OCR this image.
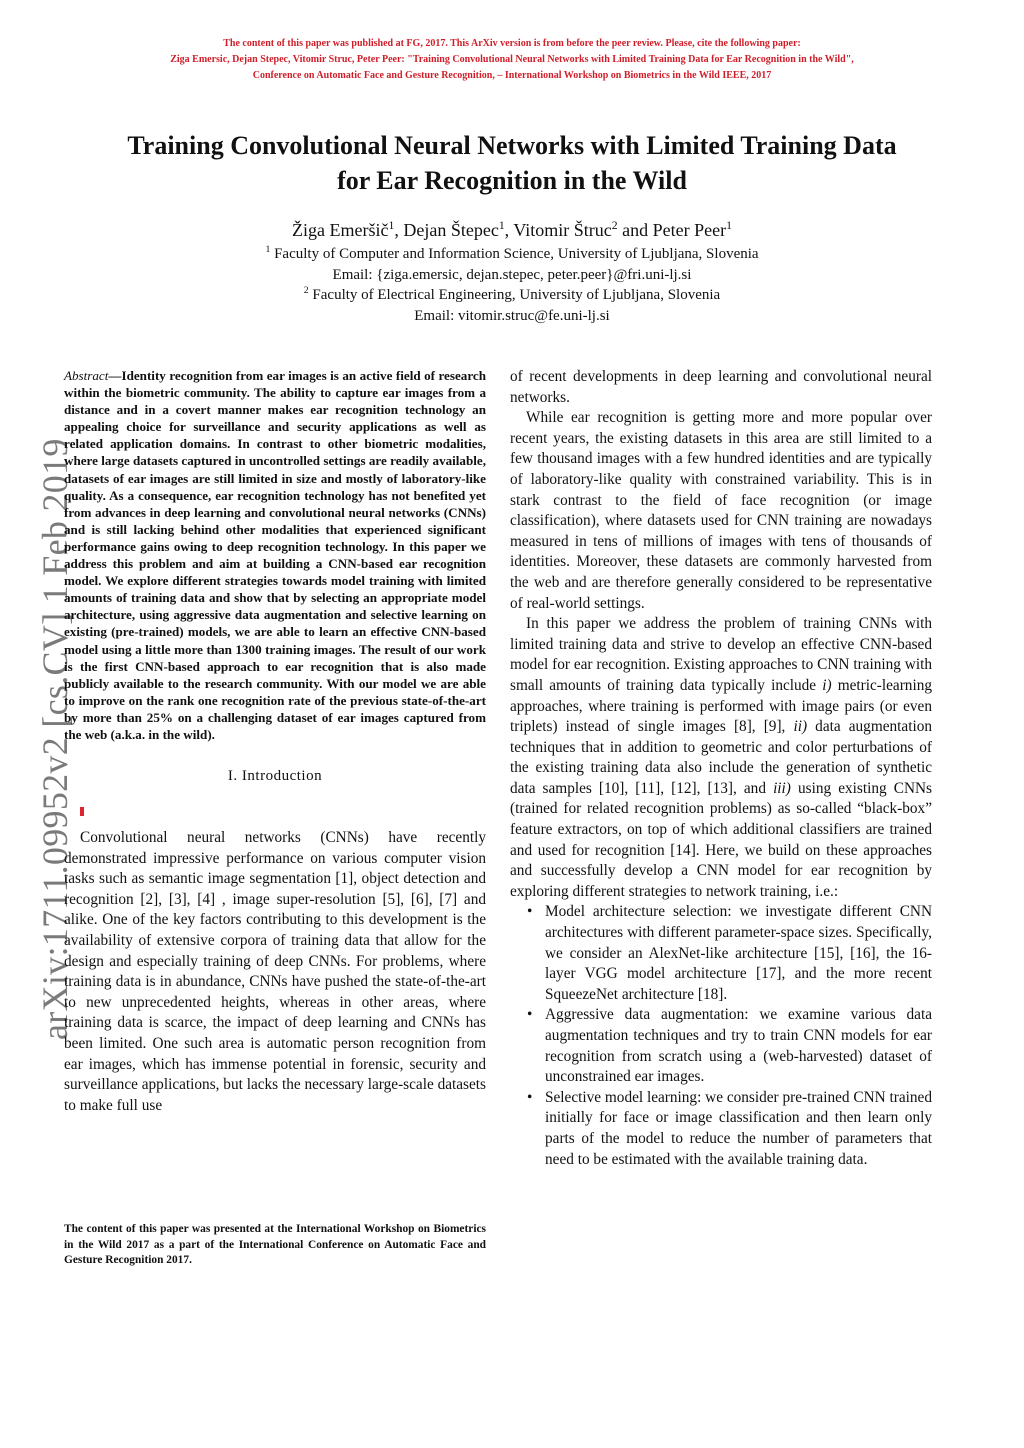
The content of this paper was published at FG, 2017. This ArXiv version is from before the peer review. Please, cite the following paper:
Ziga Emersic, Dejan Stepec, Vitomir Struc, Peter Peer: "Training Convolutional Neural Networks with Limited Training Data for Ear Recognition in the Wild",
Conference on Automatic Face and Gesture Recognition, – International Workshop on Biometrics in the Wild IEEE, 2017
Training Convolutional Neural Networks with Limited Training Data
for Ear Recognition in the Wild
Žiga Emeršič$^1$, Dejan Štepec$^1$, Vitomir Štruc$^2$ and Peter Peer$^1$
$^1$ Faculty of Computer and Information Science, University of Ljubljana, Slovenia
Email: {ziga.emersic, dejan.stepec, peter.peer}@fri.uni-lj.si
$^2$ Faculty of Electrical Engineering, University of Ljubljana, Slovenia
Email: vitomir.struc@fe.uni-lj.si
arXiv:1711.09952v2 [cs.CV] 1 Feb 2019

Abstract—Identity recognition from ear images is an active field of research within the biometric community. The ability to capture ear images from a distance and in a covert manner makes ear recognition technology an appealing choice for surveillance and security applications as well as related application domains. In contrast to other biometric modalities, where large datasets captured in uncontrolled settings are readily available, datasets of ear images are still limited in size and mostly of laboratory-like quality. As a consequence, ear recognition technology has not benefited yet from advances in deep learning and convolutional neural networks (CNNs) and is still lacking behind other modalities that experienced significant performance gains owing to deep recognition technology. In this paper we address this problem and aim at building a CNN-based ear recognition model. We explore different strategies towards model training with limited amounts of training data and show that by selecting an appropriate model architecture, using aggressive data augmentation and selective learning on existing (pre-trained) models, we are able to learn an effective CNN-based model using a little more than 1300 training images. The result of our work is the first CNN-based approach to ear recognition that is also made publicly available to the research community. With our model we are able to improve on the rank one recognition rate of the previous state-of-the-art by more than 25% on a challenging dataset of ear images captured from the web (a.k.a. in the wild).

I. Introduction

Convolutional neural networks (CNNs) have recently demonstrated impressive performance on various computer vision tasks such as semantic image segmentation [1], object detection and recognition [2], [3], [4] , image super-resolution [5], [6], [7] and alike. One of the key factors contributing to this development is the availability of extensive corpora of training data that allow for the design and especially training of deep CNNs. For problems, where training data is in abundance, CNNs have pushed the state-of-the-art to new unprecedented heights, whereas in other areas, where training data is scarce, the impact of deep learning and CNNs has been limited. One such area is automatic person recognition from ear images, which has immense potential in forensic, security and surveillance applications, but lacks the necessary large-scale datasets to make full use

The content of this paper was presented at the International Workshop on Biometrics in the Wild 2017 as a part of the International Conference on Automatic Face and Gesture Recognition 2017.

of recent developments in deep learning and convolutional neural networks.

While ear recognition is getting more and more popular over recent years, the existing datasets in this area are still limited to a few thousand images with a few hundred identities and are typically of laboratory-like quality with constrained variability. This is in stark contrast to the field of face recognition (or image classification), where datasets used for CNN training are nowadays measured in tens of millions of images with tens of thousands of identities. Moreover, these datasets are commonly harvested from the web and are therefore generally considered to be representative of real-world settings.

In this paper we address the problem of training CNNs with limited training data and strive to develop an effective CNN-based model for ear recognition. Existing approaches to CNN training with small amounts of training data typically include i) metric-learning approaches, where training is performed with image pairs (or even triplets) instead of single images [8], [9], ii) data augmentation techniques that in addition to geometric and color perturbations of the existing training data also include the generation of synthetic data samples [10], [11], [12], [13], and iii) using existing CNNs (trained for related recognition problems) as so-called “black-box” feature extractors, on top of which additional classifiers are trained and used for recognition [14]. Here, we build on these approaches and successfully develop a CNN model for ear recognition by exploring different strategies to network training, i.e.:

• Model architecture selection: we investigate different CNN architectures with different parameter-space sizes. Specifically, we consider an AlexNet-like architecture [15], [16], the 16-layer VGG model architecture [17], and the more recent SqueezeNet architecture [18].
• Aggressive data augmentation: we examine various data augmentation techniques and try to train CNN models for ear recognition from scratch using a (web-harvested) dataset of unconstrained ear images.
• Selective model learning: we consider pre-trained CNN trained initially for face or image classification and then learn only parts of the model to reduce the number of parameters that need to be estimated with the available training data.
